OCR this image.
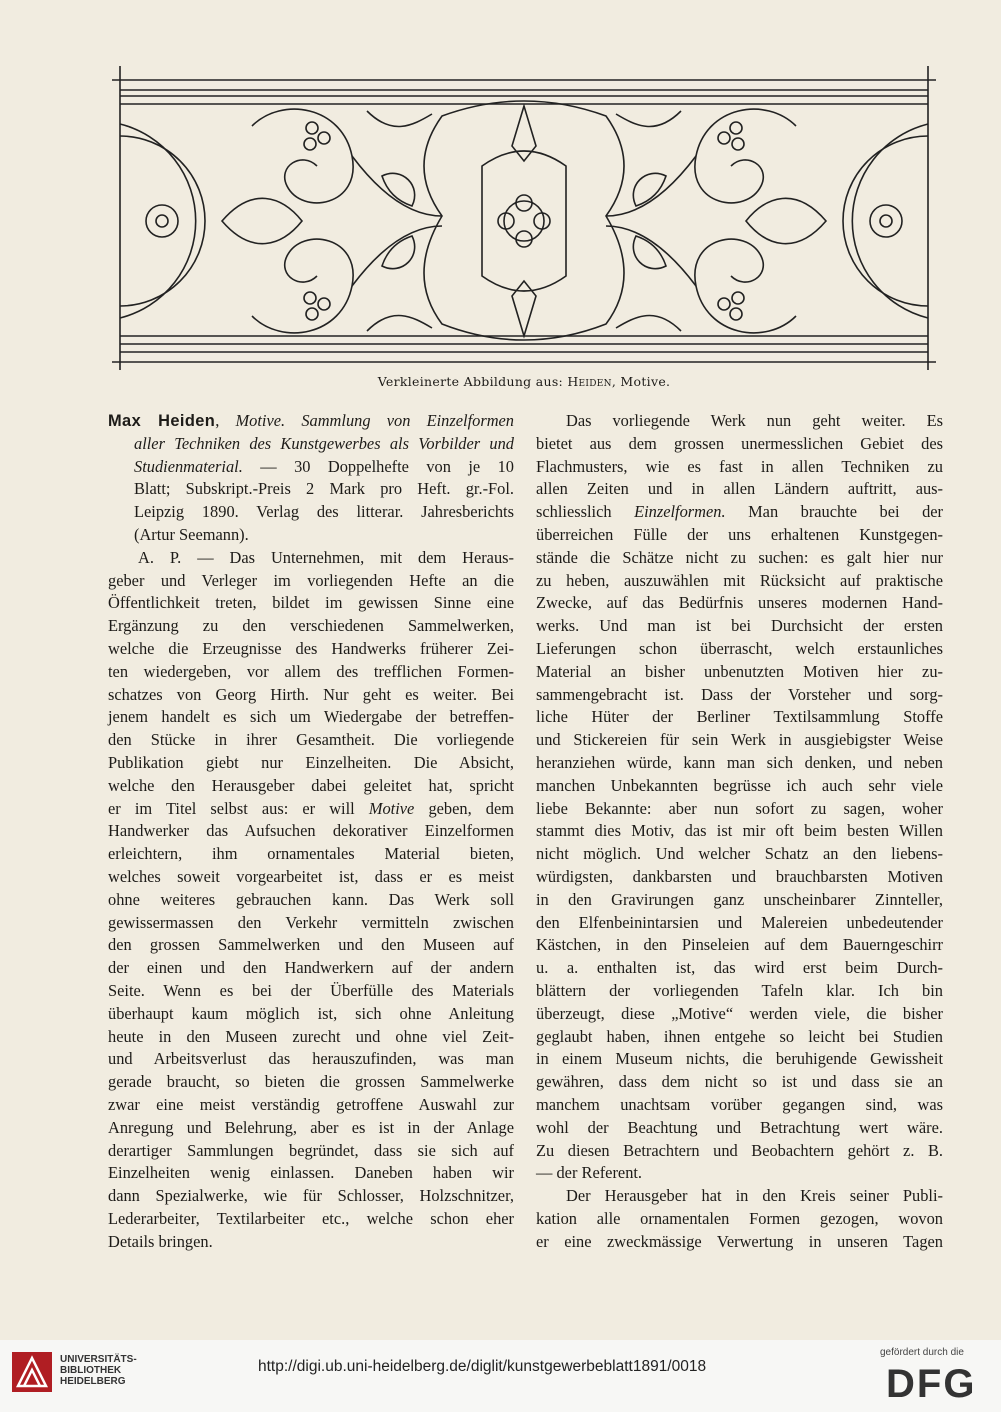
Verkleinerte Abbildung aus: Heiden, Motive.
Max Heiden, Motive. Sammlung von Einzelformen
aller Techniken des Kunstgewerbes als Vorbilder und
Studienmaterial. — 30 Doppelhefte von je 10
Blatt; Subskript.-Preis 2 Mark pro Heft. gr.-Fol.
Leipzig 1890. Verlag des litterar. Jahresberichts
(Artur Seemann).
A. P. — Das Unternehmen, mit dem Heraus-
geber und Verleger im vorliegenden Hefte an die
Öffentlichkeit treten, bildet im gewissen Sinne eine
Ergänzung zu den verschiedenen Sammelwerken,
welche die Erzeugnisse des Handwerks früherer Zei-
ten wiedergeben, vor allem des trefflichen Formen-
schatzes von Georg Hirth. Nur geht es weiter. Bei
jenem handelt es sich um Wiedergabe der betreffen-
den Stücke in ihrer Gesamtheit. Die vorliegende
Publikation giebt nur Einzelheiten. Die Absicht,
welche den Herausgeber dabei geleitet hat, spricht
er im Titel selbst aus: er will Motive geben, dem
Handwerker das Aufsuchen dekorativer Einzelformen
erleichtern, ihm ornamentales Material bieten,
welches soweit vorgearbeitet ist, dass er es meist
ohne weiteres gebrauchen kann. Das Werk soll
gewissermassen den Verkehr vermitteln zwischen
den grossen Sammelwerken und den Museen auf
der einen und den Handwerkern auf der andern
Seite. Wenn es bei der Überfülle des Materials
überhaupt kaum möglich ist, sich ohne Anleitung
heute in den Museen zurecht und ohne viel Zeit-
und Arbeitsverlust das herauszufinden, was man
gerade braucht, so bieten die grossen Sammelwerke
zwar eine meist verständig getroffene Auswahl zur
Anregung und Belehrung, aber es ist in der Anlage
derartiger Sammlungen begründet, dass sie sich auf
Einzelheiten wenig einlassen. Daneben haben wir
dann Spezialwerke, wie für Schlosser, Holzschnitzer,
Lederarbeiter, Textilarbeiter etc., welche schon eher
Details bringen.
Das vorliegende Werk nun geht weiter. Es
bietet aus dem grossen unermesslichen Gebiet des
Flachmusters, wie es fast in allen Techniken zu
allen Zeiten und in allen Ländern auftritt, aus-
schliesslich Einzelformen. Man brauchte bei der
überreichen Fülle der uns erhaltenen Kunstgegen-
stände die Schätze nicht zu suchen: es galt hier nur
zu heben, auszuwählen mit Rücksicht auf praktische
Zwecke, auf das Bedürfnis unseres modernen Hand-
werks. Und man ist bei Durchsicht der ersten
Lieferungen schon überrascht, welch erstaunliches
Material an bisher unbenutzten Motiven hier zu-
sammengebracht ist. Dass der Vorsteher und sorg-
liche Hüter der Berliner Textilsammlung Stoffe
und Stickereien für sein Werk in ausgiebigster Weise
heranziehen würde, kann man sich denken, und neben
manchen Unbekannten begrüsse ich auch sehr viele
liebe Bekannte: aber nun sofort zu sagen, woher
stammt dies Motiv, das ist mir oft beim besten Willen
nicht möglich. Und welcher Schatz an den liebens-
würdigsten, dankbarsten und brauchbarsten Motiven
in den Gravirungen ganz unscheinbarer Zinnteller,
den Elfenbeinintarsien und Malereien unbedeutender
Kästchen, in den Pinseleien auf dem Bauerngeschirr
u. a. enthalten ist, das wird erst beim Durch-
blättern der vorliegenden Tafeln klar. Ich bin
überzeugt, diese „Motive“ werden viele, die bisher
geglaubt haben, ihnen entgehe so leicht bei Studien
in einem Museum nichts, die beruhigende Gewissheit
gewähren, dass dem nicht so ist und dass sie an
manchem unachtsam vorüber gegangen sind, was
wohl der Beachtung und Betrachtung wert wäre.
Zu diesen Betrachtern und Beobachtern gehört z. B.
— der Referent.
Der Herausgeber hat in den Kreis seiner Publi-
kation alle ornamentalen Formen gezogen, wovon
er eine zweckmässige Verwertung in unseren Tagen
UNIVERSITÄTS-
BIBLIOTHEK
HEIDELBERG
http://digi.ub.uni-heidelberg.de/diglit/kunstgewerbeblatt1891/0018
gefördert durch die
DFG
